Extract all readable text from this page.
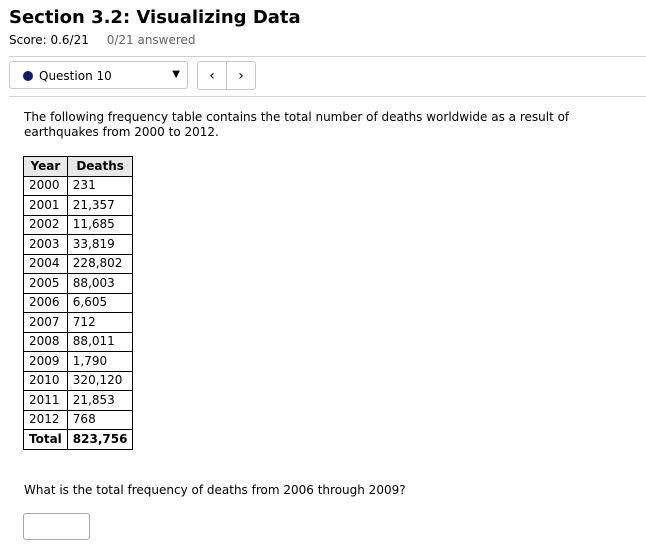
Section 3.2: Visualizing Data
Score: 0.6/21 0/21 answered
Question 10	▼ ‹ ›

The following frequency table contains the total number of deaths worldwide as a result of earthquakes from 2000 to 2012.

Year	Deaths
2000	231
2001	21,357
2002	11,685
2003	33,819
2004	228,802
2005	88,003
2006	6,605
2007	712
2008	88,011
2009	1,790
2010	320,120
2011	21,853
2012	768
Total	823,756

What is the total frequency of deaths from 2006 through 2009?
